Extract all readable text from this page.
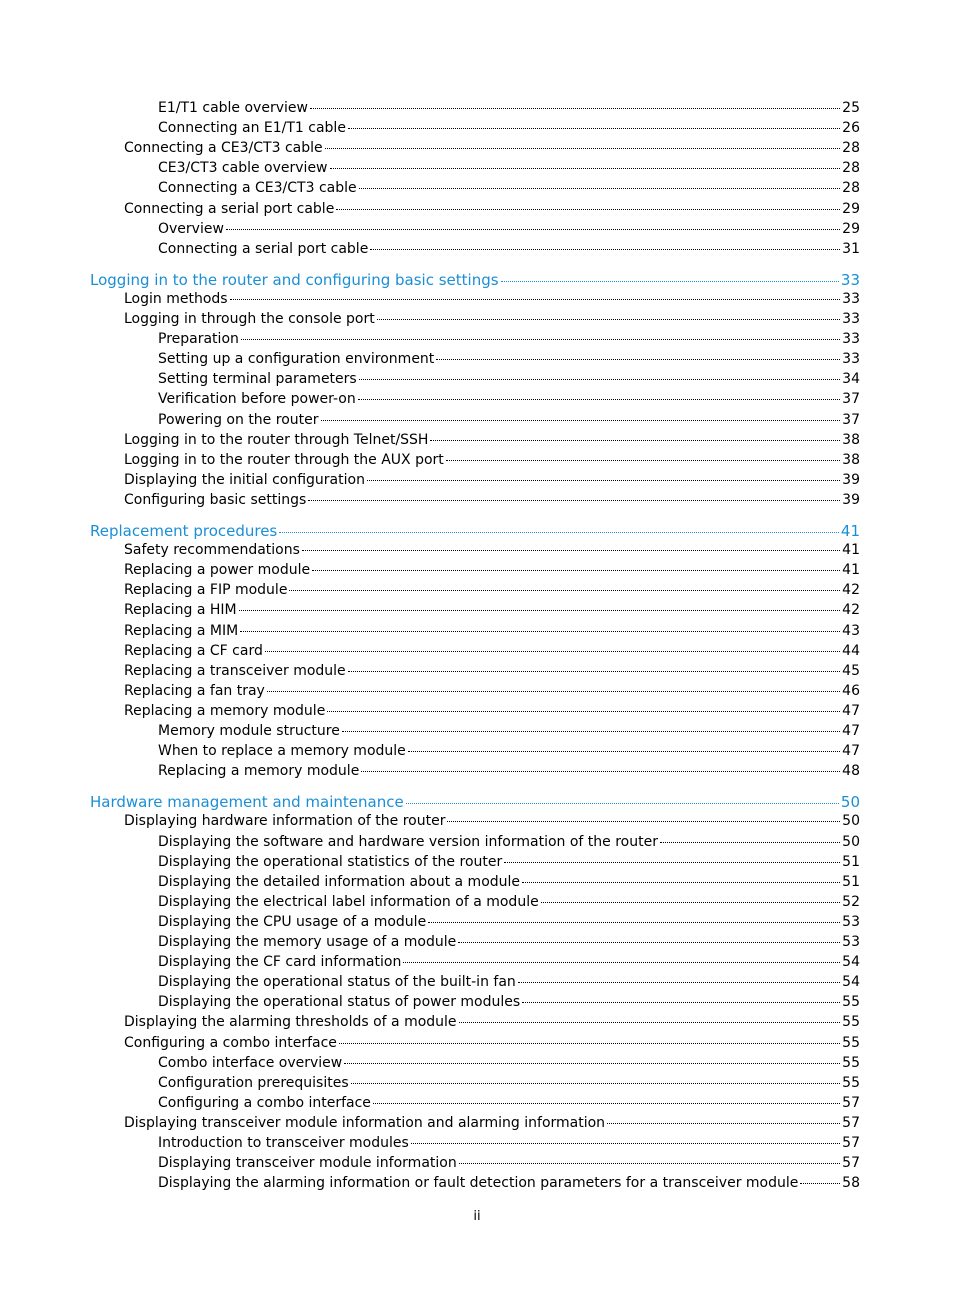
E1/T1 cable overview	25
Connecting an E1/T1 cable	26
Connecting a CE3/CT3 cable	28
CE3/CT3 cable overview	28
Connecting a CE3/CT3 cable	28
Connecting a serial port cable	29
Overview	29
Connecting a serial port cable	31
Logging in to the router and configuring basic settings	33
Login methods	33
Logging in through the console port	33
Preparation	33
Setting up a configuration environment	33
Setting terminal parameters	34
Verification before power-on	37
Powering on the router	37
Logging in to the router through Telnet/SSH	38
Logging in to the router through the AUX port	38
Displaying the initial configuration	39
Configuring basic settings	39
Replacement procedures	41
Safety recommendations	41
Replacing a power module	41
Replacing a FIP module	42
Replacing a HIM	42
Replacing a MIM	43
Replacing a CF card	44
Replacing a transceiver module	45
Replacing a fan tray	46
Replacing a memory module	47
Memory module structure	47
When to replace a memory module	47
Replacing a memory module	48
Hardware management and maintenance	50
Displaying hardware information of the router	50
Displaying the software and hardware version information of the router	50
Displaying the operational statistics of the router	51
Displaying the detailed information about a module	51
Displaying the electrical label information of a module	52
Displaying the CPU usage of a module	53
Displaying the memory usage of a module	53
Displaying the CF card information	54
Displaying the operational status of the built-in fan	54
Displaying the operational status of power modules	55
Displaying the alarming thresholds of a module	55
Configuring a combo interface	55
Combo interface overview	55
Configuration prerequisites	55
Configuring a combo interface	57
Displaying transceiver module information and alarming information	57
Introduction to transceiver modules	57
Displaying transceiver module information	57
Displaying the alarming information or fault detection parameters for a transceiver module	58
ii
